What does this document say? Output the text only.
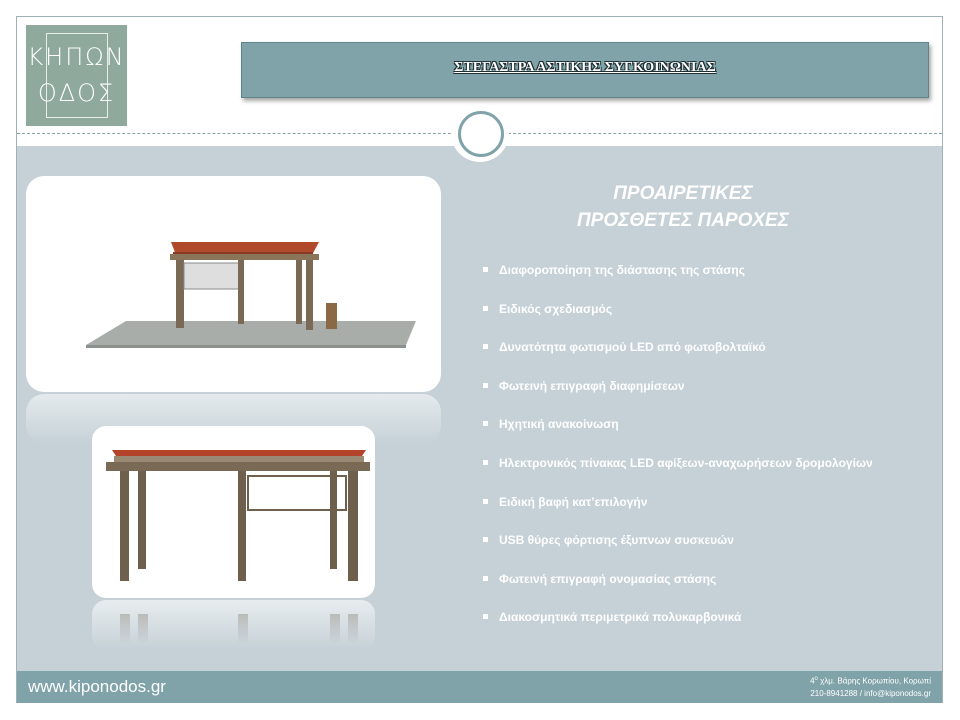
ΚΗΠΩΝ
ΟΔΟΣ
ΣΤΕΓΑΣΤΡΑ ΑΣΤΙΚΗΣ ΣΥΓΚΟΙΝΩΝΙΑΣ
ΠΡΟΑΙΡΕΤΙΚΕΣ
ΠΡΟΣΘΕΤΕΣ ΠΑΡΟΧΕΣ
Διαφοροποίηση της διάστασης της στάσης
Ειδικός σχεδιασμός
Δυνατότητα φωτισμού LED από φωτοβολταϊκό
Φωτεινή επιγραφή διαφημίσεων
Ηχητική ανακοίνωση
Ηλεκτρονικός πίνακας LED αφίξεων-αναχωρήσεων δρομολογίων
Ειδική βαφή κατ’επιλογήν
USB θύρες φόρτισης έξυπνων συσκευών
Φωτεινή επιγραφή ονομασίας στάσης
Διακοσμητικά περιμετρικά πολυκαρβονικά
www.kiponodos.gr	$4^o$ χλμ. Βάρης Κορωπίου, Κορωπί
210-8941288 / info@kiponodos.gr
